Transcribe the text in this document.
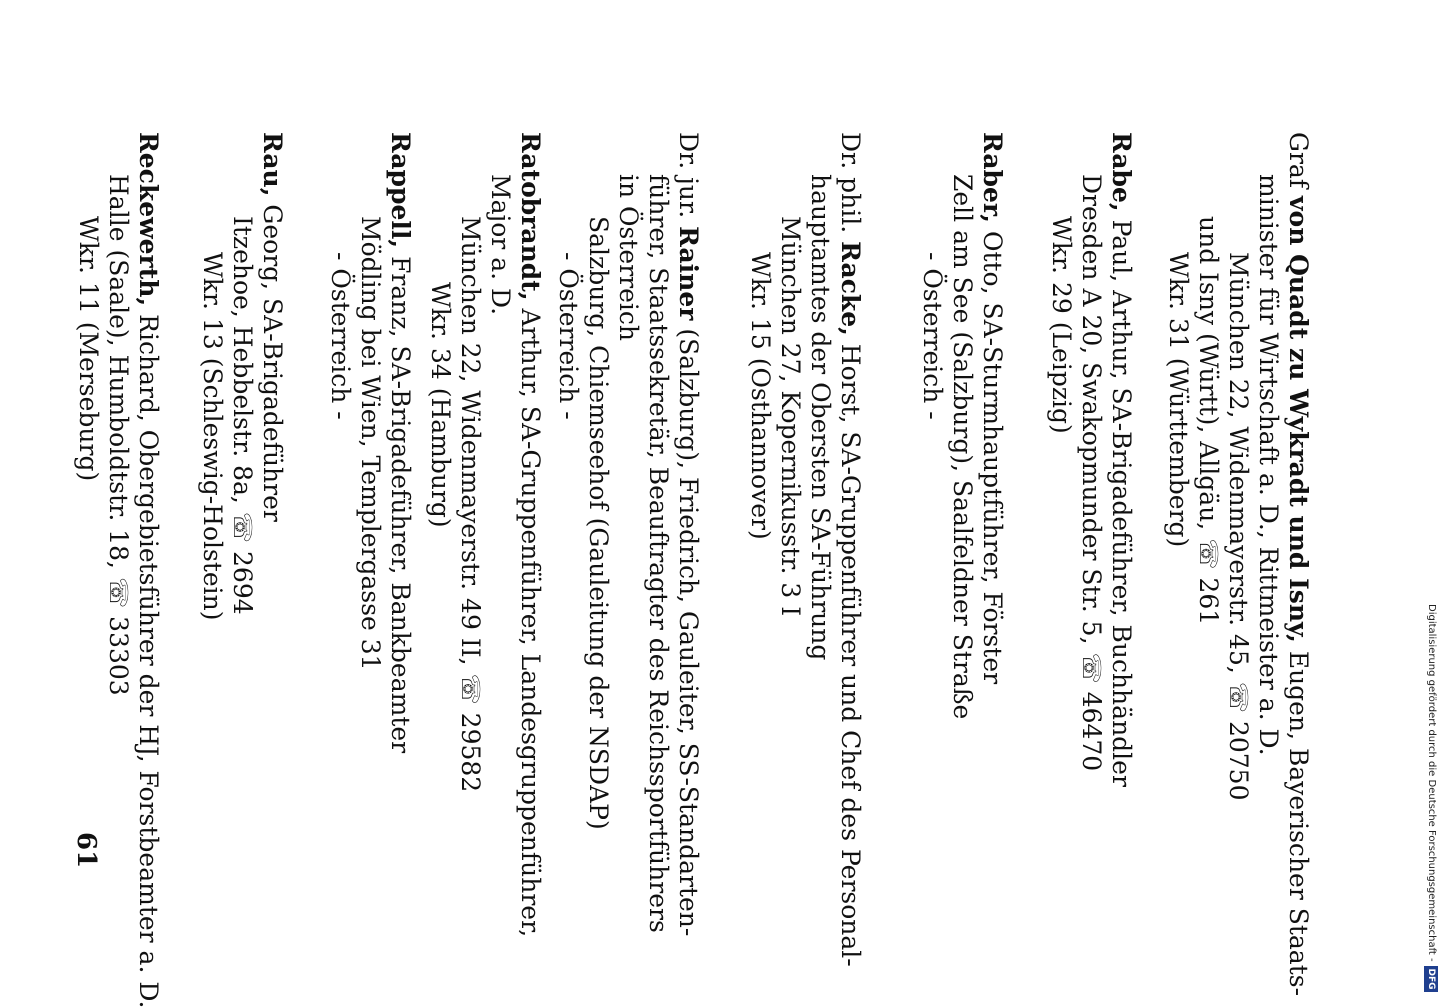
Graf von Quadt zu Wykradt und Isny, Eugen, Bayerischer Staats-
minister für Wirtschaft a. D., Rittmeister a. D.
München 22, Widenmayerstr. 45, ☏ 20750
und Isny (Württ), Allgäu, ☏ 261
Wkr. 31 (Württemberg)
Rabe, Paul, Arthur, SA-Brigadeführer, Buchhändler
Dresden A 20, Swakopmunder Str. 5, ☏ 46470
Wkr. 29 (Leipzig)
Raber, Otto, SA-Sturmhauptführer, Förster
Zell am See (Salzburg), Saalfeldner Straße
- Österreich -
Dr. phil. Racke, Horst, SA-Gruppenführer und Chef des Personal-
hauptamtes der Obersten SA-Führung
München 27, Kopernikusstr. 3 I
Wkr. 15 (Osthannover)
Dr. jur. Rainer (Salzburg), Friedrich, Gauleiter, SS-Standarten-
führer, Staatssekretär, Beauftragter des Reichssportführers
in Österreich
Salzburg, Chiemseehof (Gauleitung der NSDAP)
- Österreich -
Ratobrandt, Arthur, SA-Gruppenführer, Landesgruppenführer,
Major a. D.
München 22, Widenmayerstr. 49 II, ☏ 29582
Wkr. 34 (Hamburg)
Rappell, Franz, SA-Brigadeführer, Bankbeamter
Mödling bei Wien, Templergasse 31
- Österreich -
Rau, Georg, SA-Brigadeführer
Itzehoe, Hebbelstr. 8a, ☏ 2694
Wkr. 13 (Schleswig-Holstein)
Reckewerth, Richard, Obergebietsführer der HJ, Forstbeamter a. D.
Halle (Saale), Humboldtstr. 18, ☏ 33303
Wkr. 11 (Merseburg)
61	Digitalisierung gefördert durch die Deutsche Forschungsgemeinschaft -
DFG
